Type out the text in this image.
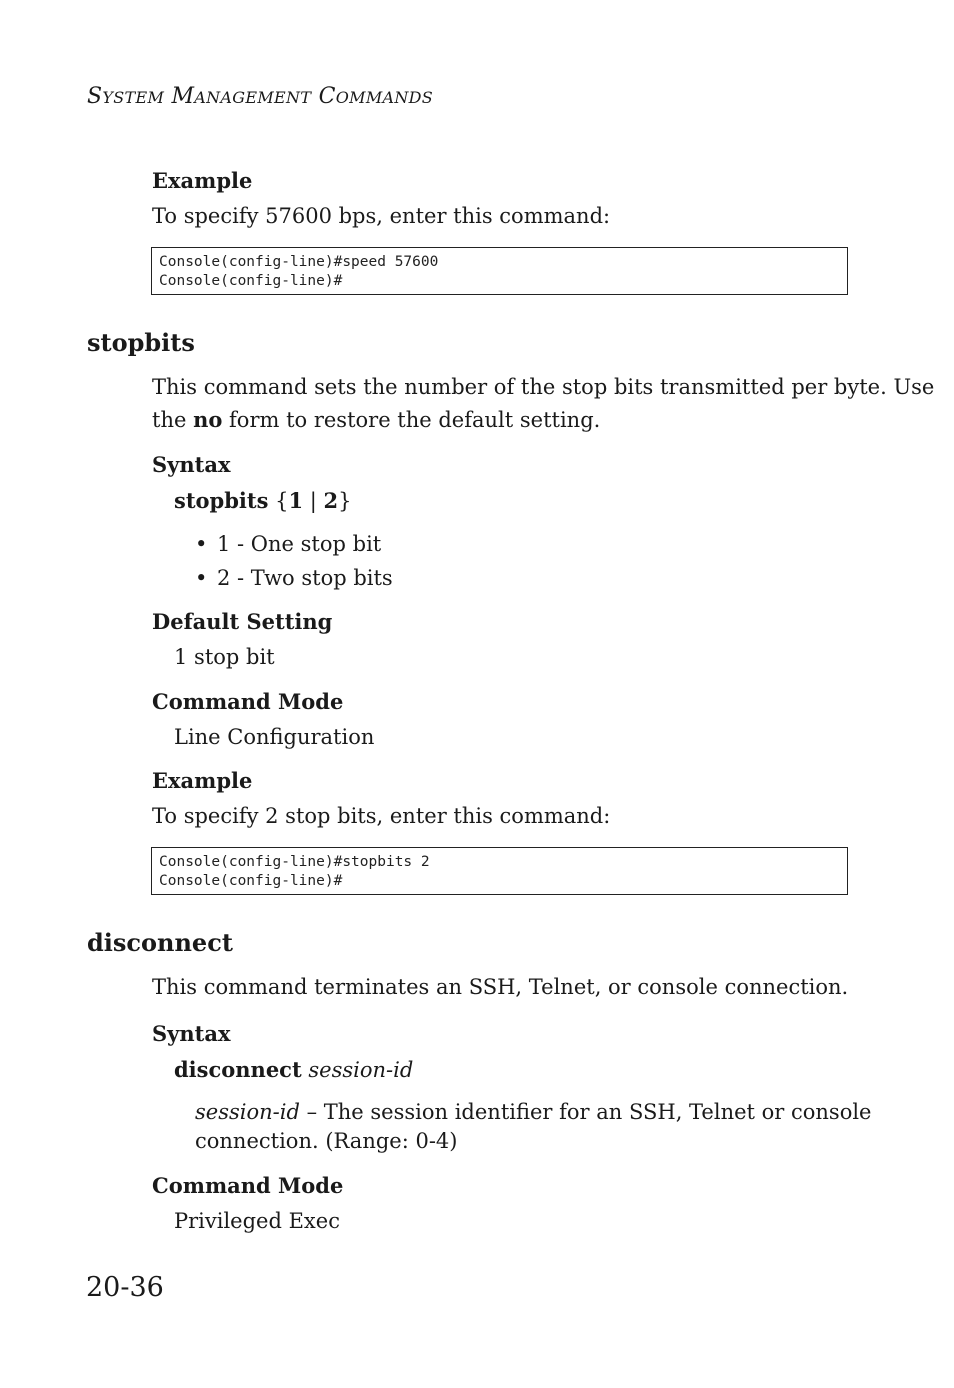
SYSTEM MANAGEMENT COMMANDS
Example
To specify 57600 bps, enter this command:
Console(config-line)#speed 57600
Console(config-line)#
stopbits
This command sets the number of the stop bits transmitted per byte. Use
the no form to restore the default setting.
Syntax
stopbits {1 | 2}
• 1 - One stop bit
• 2 - Two stop bits
Default Setting
1 stop bit
Command Mode
Line Configuration
Example
To specify 2 stop bits, enter this command:
Console(config-line)#stopbits 2
Console(config-line)#
disconnect
This command terminates an SSH, Telnet, or console connection.
Syntax
disconnect session-id
session-id – The session identifier for an SSH, Telnet or console
connection. (Range: 0-4)
Command Mode
Privileged Exec
20-36
